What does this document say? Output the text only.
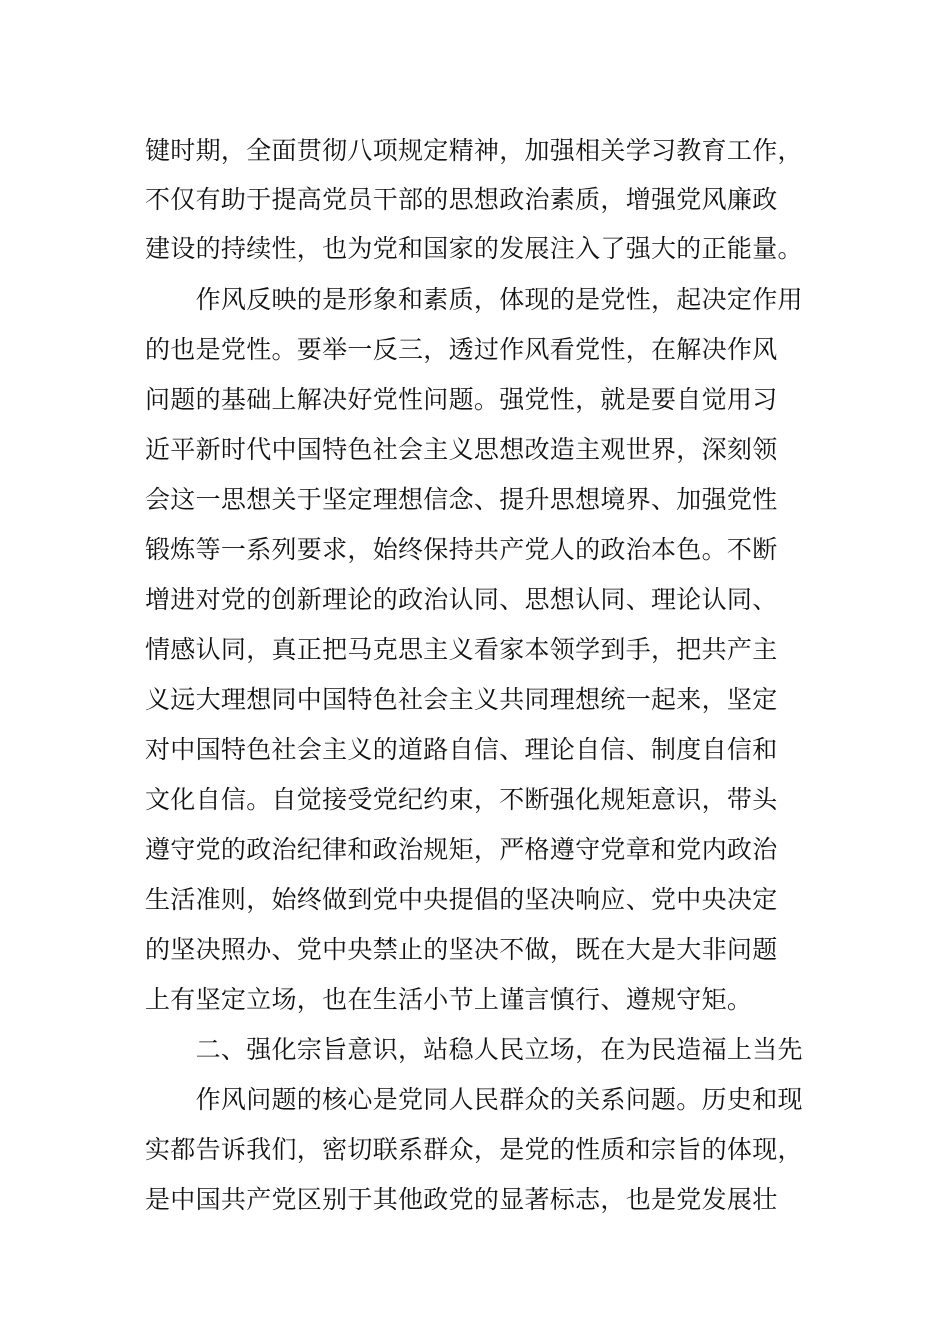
键时期，全面贯彻八项规定精神，加强相关学习教育工作，
不仅有助于提高党员干部的思想政治素质，增强党风廉政
建设的持续性，也为党和国家的发展注入了强大的正能量。
　　作风反映的是形象和素质，体现的是党性，起决定作用
的也是党性。要举一反三，透过作风看党性，在解决作风
问题的基础上解决好党性问题。强党性，就是要自觉用习
近平新时代中国特色社会主义思想改造主观世界，深刻领
会这一思想关于坚定理想信念、提升思想境界、加强党性
锻炼等一系列要求，始终保持共产党人的政治本色。不断
增进对党的创新理论的政治认同、思想认同、理论认同、
情感认同，真正把马克思主义看家本领学到手，把共产主
义远大理想同中国特色社会主义共同理想统一起来，坚定
对中国特色社会主义的道路自信、理论自信、制度自信和
文化自信。自觉接受党纪约束，不断强化规矩意识，带头
遵守党的政治纪律和政治规矩，严格遵守党章和党内政治
生活准则，始终做到党中央提倡的坚决响应、党中央决定
的坚决照办、党中央禁止的坚决不做，既在大是大非问题
上有坚定立场，也在生活小节上谨言慎行、遵规守矩。
　　二、强化宗旨意识，站稳人民立场，在为民造福上当先
　　作风问题的核心是党同人民群众的关系问题。历史和现
实都告诉我们，密切联系群众，是党的性质和宗旨的体现，
是中国共产党区别于其他政党的显著标志，也是党发展壮
